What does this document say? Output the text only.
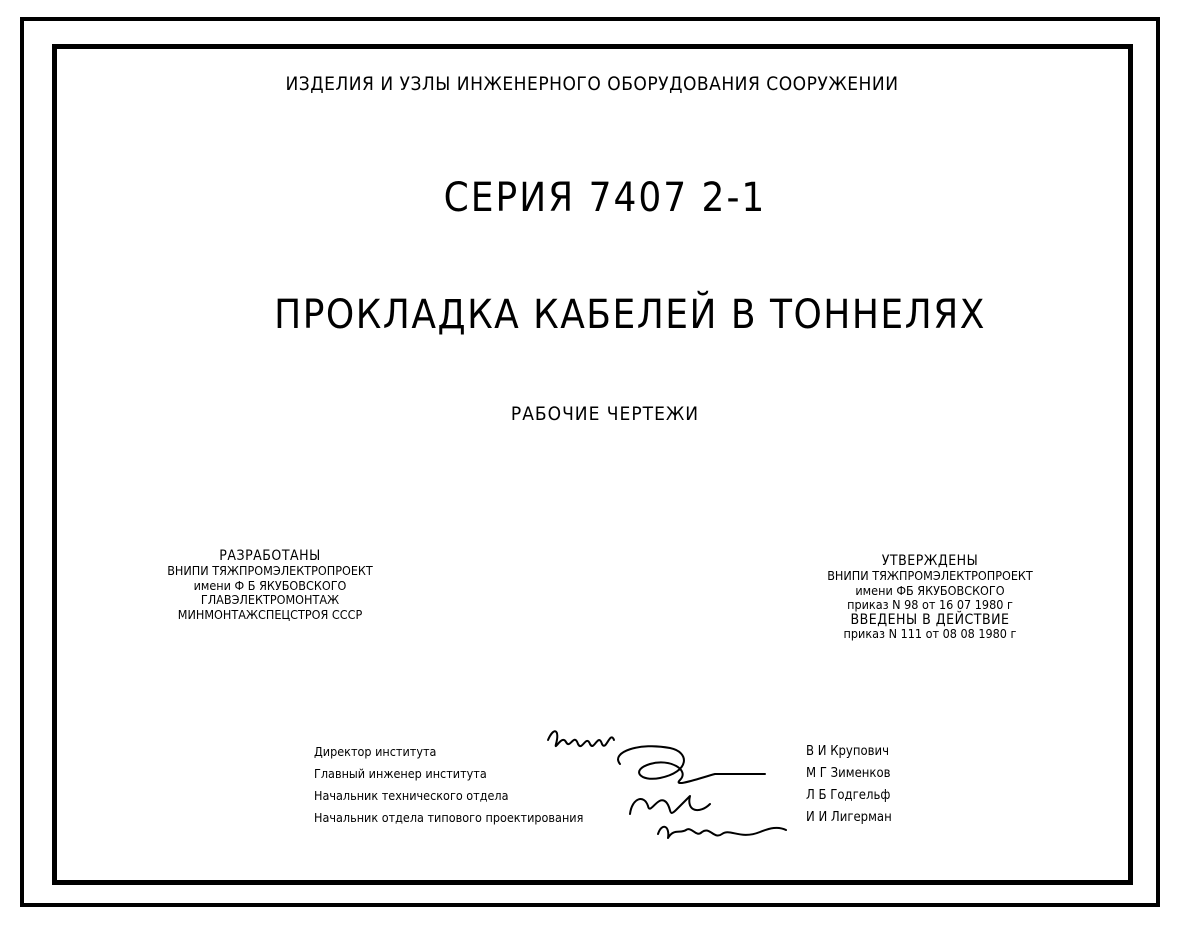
ИЗДЕЛИЯ И УЗЛЫ ИНЖЕНЕРНОГО ОБОРУДОВАНИЯ СООРУЖЕНИИ
СЕРИЯ 7407 2-1
ПРОКЛАДКА КАБЕЛЕЙ В ТОННЕЛЯХ
РАБОЧИЕ ЧЕРТЕЖИ
РАЗРАБОТАНЫ
ВНИПИ ТЯЖПРОМЭЛЕКТРОПРОЕКТ
имени Ф Б ЯКУБОВСКОГО
ГЛАВЭЛЕКТРОМОНТАЖ
МИНМОНТАЖСПЕЦСТРОЯ СССР
УТВЕРЖДЕНЫ
ВНИПИ ТЯЖПРОМЭЛЕКТРОПРОЕКТ
имени ФБ ЯКУБОВСКОГО
приказ N 98 от 16 07 1980 г
ВВЕДЕНЫ В ДЕЙСТВИЕ
приказ N 111 от 08 08 1980 г
Директор института
Главный инженер института
Начальник технического отдела
Начальник отдела типового проектирования
В И Крупович
М Г Зименков
Л Б Годгельф
И И Лигерман
